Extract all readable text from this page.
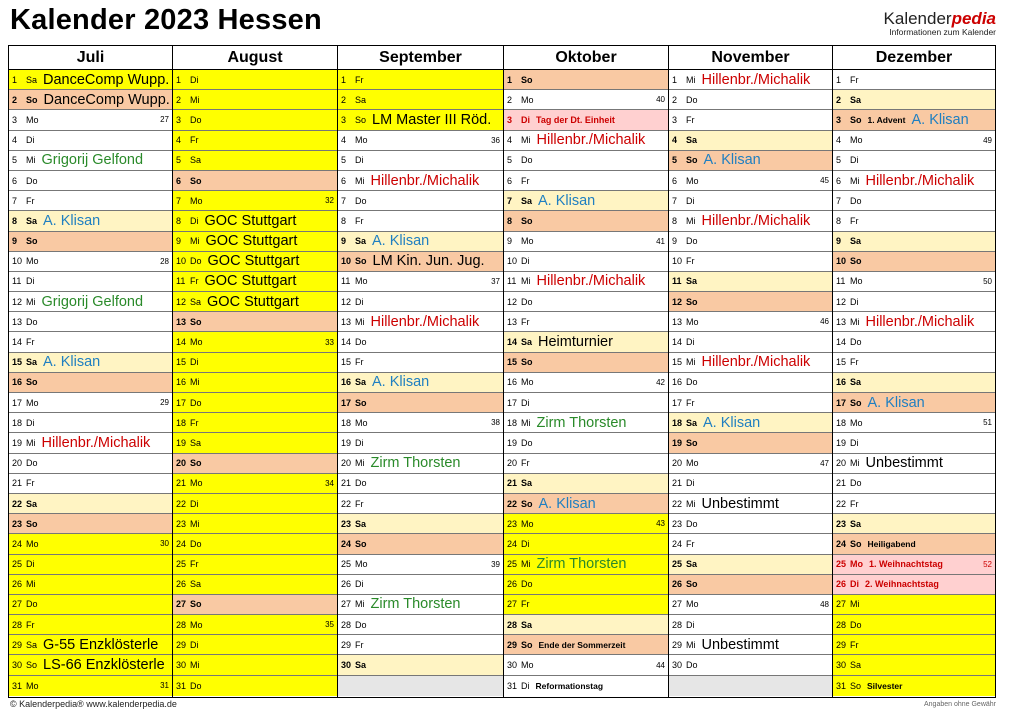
Kalender 2023 Hessen	Kalenderpedia
Informationen zum Kalender
Juli
1 Sa DanceComp Wupp.
2 So DanceComp Wupp.
3 Mo	27
4 Di
5 Mi Grigorij Gelfond
6 Do
7 Fr
8 Sa A. Klisan
9 So
10 Mo	28
11 Di
12 Mi Grigorij Gelfond
13 Do
14 Fr
15 Sa A. Klisan
16 So
17 Mo	29
18 Di
19 Mi Hillenbr./Michalik
20 Do
21 Fr
22 Sa
23 So
24 Mo	30
25 Di
26 Mi
27 Do
28 Fr
29 Sa G-55 Enzklösterle
30 So LS-66 Enzklösterle
31 Mo	31
August
1 Di
2 Mi
3 Do
4 Fr
5 Sa
6 So
7 Mo	32
8 Di GOC Stuttgart
9 Mi GOC Stuttgart
10 Do GOC Stuttgart
11 Fr GOC Stuttgart
12 Sa GOC Stuttgart
13 So
14 Mo	33
15 Di
16 Mi
17 Do
18 Fr
19 Sa
20 So
21 Mo	34
22 Di
23 Mi
24 Do
25 Fr
26 Sa
27 So
28 Mo	35
29 Di
30 Mi
31 Do
September
1 Fr
2 Sa
3 So LM Master III Röd.
4 Mo	36
5 Di
6 Mi Hillenbr./Michalik
7 Do
8 Fr
9 Sa A. Klisan
10 So LM Kin. Jun. Jug.
11 Mo	37
12 Di
13 Mi Hillenbr./Michalik
14 Do
15 Fr
16 Sa A. Klisan
17 So
18 Mo	38
19 Di
20 Mi Zirm Thorsten
21 Do
22 Fr
23 Sa
24 So
25 Mo	39
26 Di
27 Mi Zirm Thorsten
28 Do
29 Fr
30 Sa
Oktober
1 So
2 Mo	40
3 Di Tag der Dt. Einheit
4 Mi Hillenbr./Michalik
5 Do
6 Fr
7 Sa A. Klisan
8 So
9 Mo	41
10 Di
11 Mi Hillenbr./Michalik
12 Do
13 Fr
14 Sa Heimturnier
15 So
16 Mo	42
17 Di
18 Mi Zirm Thorsten
19 Do
20 Fr
21 Sa
22 So A. Klisan
23 Mo	43
24 Di
25 Mi Zirm Thorsten
26 Do
27 Fr
28 Sa
29 So Ende der Sommerzeit
30 Mo	44
31 Di Reformationstag
November
1 Mi Hillenbr./Michalik
2 Do
3 Fr
4 Sa
5 So A. Klisan
6 Mo	45
7 Di
8 Mi Hillenbr./Michalik
9 Do
10 Fr
11 Sa
12 So
13 Mo	46
14 Di
15 Mi Hillenbr./Michalik
16 Do
17 Fr
18 Sa A. Klisan
19 So
20 Mo	47
21 Di
22 Mi Unbestimmt
23 Do
24 Fr
25 Sa
26 So
27 Mo	48
28 Di
29 Mi Unbestimmt
30 Do
Dezember
1 Fr
2 Sa
3 So 1. Advent A. Klisan
4 Mo	49
5 Di
6 Mi Hillenbr./Michalik
7 Do
8 Fr
9 Sa
10 So
11 Mo	50
12 Di
13 Mi Hillenbr./Michalik
14 Do
15 Fr
16 Sa
17 So A. Klisan
18 Mo	51
19 Di
20 Mi Unbestimmt
21 Do
22 Fr
23 Sa
24 So Heiligabend
25 Mo 1. Weihnachtstag	52
26 Di 2. Weihnachtstag
27 Mi
28 Do
29 Fr
30 Sa
31 So Silvester
© Kalenderpedia® www.kalenderpedia.de	Angaben ohne Gewähr
